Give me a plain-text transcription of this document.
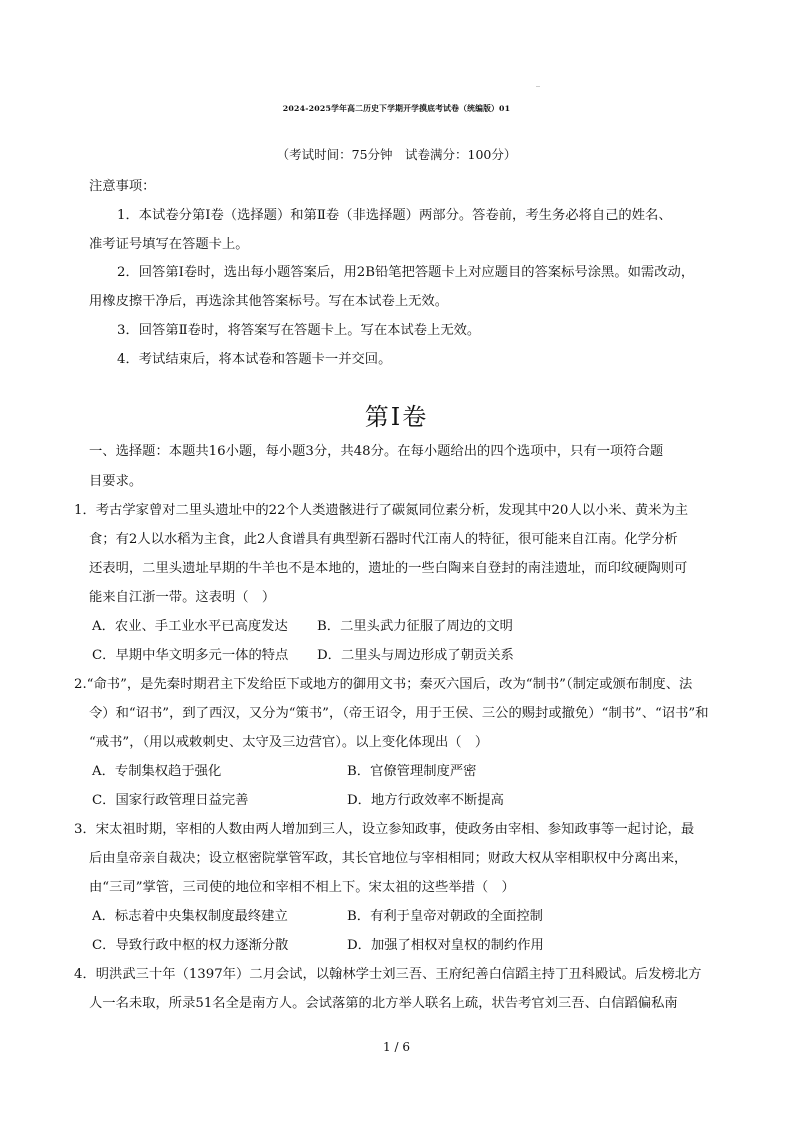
2024-2025学年高二历史下学期开学摸底考试卷（统编版）01
（考试时间：75分钟　试卷满分：100分）
注意事项：
1．本试卷分第Ⅰ卷（选择题）和第Ⅱ卷（非选择题）两部分。答卷前，考生务必将自己的姓名、
准考证号填写在答题卡上。
2．回答第Ⅰ卷时，选出每小题答案后，用2B铅笔把答题卡上对应题目的答案标号涂黑。如需改动，
用橡皮擦干净后，再选涂其他答案标号。写在本试卷上无效。
3．回答第Ⅱ卷时，将答案写在答题卡上。写在本试卷上无效。
4．考试结束后，将本试卷和答题卡一并交回。
第Ⅰ卷
一、选择题：本题共16小题，每小题3分，共48分。在每小题给出的四个选项中，只有一项符合题
目要求。
1．考古学家曾对二里头遗址中的22个人类遗骸进行了碳氮同位素分析，发现其中20人以小米、黄米为主
食；有2人以水稻为主食，此2人食谱具有典型新石器时代江南人的特征，很可能来自江南。化学分析
还表明，二里头遗址早期的牛羊也不是本地的，遗址的一些白陶来自登封的南洼遗址，而印纹硬陶则可
能来自江浙一带。这表明（　）
A．农业、手工业水平已高度发达 B．二里头武力征服了周边的文明
C．早期中华文明多元一体的特点 D．二里头与周边形成了朝贡关系
2.“命书”，是先秦时期君主下发给臣下或地方的御用文书；秦灭六国后，改为“制书”（制定或颁布制度、法
令）和“诏书”，到了西汉，又分为“策书”，（帝王诏令，用于王侯、三公的赐封或撤免）“制书”、“诏书”和
“戒书”，（用以戒敕刺史、太守及三边营官）。以上变化体现出（　）
A．专制集权趋于强化	B．官僚管理制度严密
C．国家行政管理日益完善	D．地方行政效率不断提高
3．宋太祖时期，宰相的人数由两人增加到三人，设立参知政事，使政务由宰相、参知政事等一起讨论，最
后由皇帝亲自裁决；设立枢密院掌管军政，其长官地位与宰相相同；财政大权从宰相职权中分离出来，
由“三司”掌管，三司使的地位和宰相不相上下。宋太祖的这些举措（　）
A．标志着中央集权制度最终建立	B．有利于皇帝对朝政的全面控制
C．导致行政中枢的权力逐渐分散	D．加强了相权对皇权的制约作用
4．明洪武三十年（1397年）二月会试，以翰林学士刘三吾、王府纪善白信蹈主持丁丑科殿试。后发榜北方
人一名未取，所录51名全是南方人。会试落第的北方举人联名上疏，状告考官刘三吾、白信蹈偏私南
1 / 6
